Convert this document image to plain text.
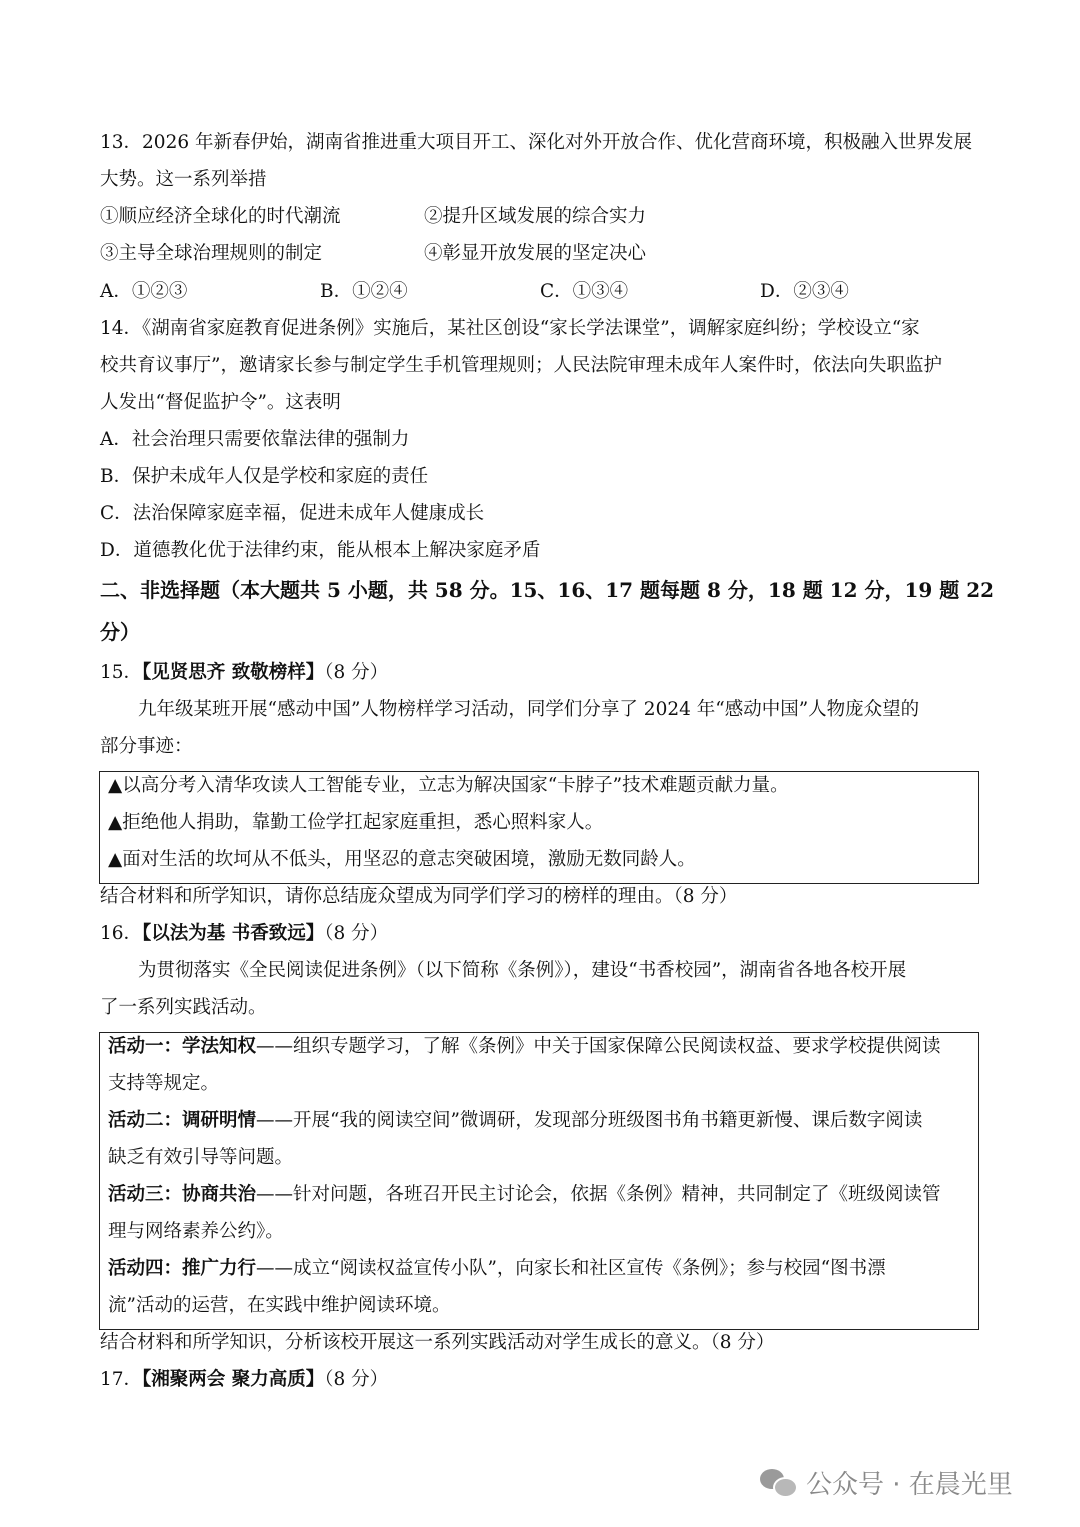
13．2026 年新春伊始，湖南省推进重大项目开工、深化对外开放合作、优化营商环境，积极融入世界发展
大势。这一系列举措
①顺应经济全球化的时代潮流	②提升区域发展的综合实力
③主导全球治理规则的制定	④彰显开放发展的坚定决心
A．①②③	B．①②④	C．①③④	D．②③④
14．《湖南省家庭教育促进条例》实施后，某社区创设“家长学法课堂”，调解家庭纠纷；学校设立“家
校共育议事厅”，邀请家长参与制定学生手机管理规则；人民法院审理未成年人案件时，依法向失职监护
人发出“督促监护令”。这表明
A．社会治理只需要依靠法律的强制力
B．保护未成年人仅是学校和家庭的责任
C．法治保障家庭幸福，促进未成年人健康成长
D．道德教化优于法律约束，能从根本上解决家庭矛盾
二、非选择题（本大题共 5 小题，共 58 分。15、16、17 题每题 8 分，18 题 12 分，19 题 22
分）
15．【见贤思齐 致敬榜样】（8 分）
九年级某班开展“感动中国”人物榜样学习活动，同学们分享了 2024 年“感动中国”人物庞众望的
部分事迹：
▲以高分考入清华攻读人工智能专业，立志为解决国家“卡脖子”技术难题贡献力量。
▲拒绝他人捐助，靠勤工俭学扛起家庭重担，悉心照料家人。
▲面对生活的坎坷从不低头，用坚忍的意志突破困境，激励无数同龄人。
结合材料和所学知识，请你总结庞众望成为同学们学习的榜样的理由。（8 分）
16．【以法为基 书香致远】（8 分）
为贯彻落实《全民阅读促进条例》（以下简称《条例》），建设“书香校园”，湖南省各地各校开展
了一系列实践活动。
活动一：学法知权——组织专题学习，了解《条例》中关于国家保障公民阅读权益、要求学校提供阅读
支持等规定。
活动二：调研明情——开展“我的阅读空间”微调研，发现部分班级图书角书籍更新慢、课后数字阅读
缺乏有效引导等问题。
活动三：协商共治——针对问题，各班召开民主讨论会，依据《条例》精神，共同制定了《班级阅读管
理与网络素养公约》。
活动四：推广力行——成立“阅读权益宣传小队”，向家长和社区宣传《条例》；参与校园“图书漂
流”活动的运营，在实践中维护阅读环境。
结合材料和所学知识，分析该校开展这一系列实践活动对学生成长的意义。（8 分）
17．【湘聚两会 聚力高质】（8 分）
公众号 · 在晨光里
